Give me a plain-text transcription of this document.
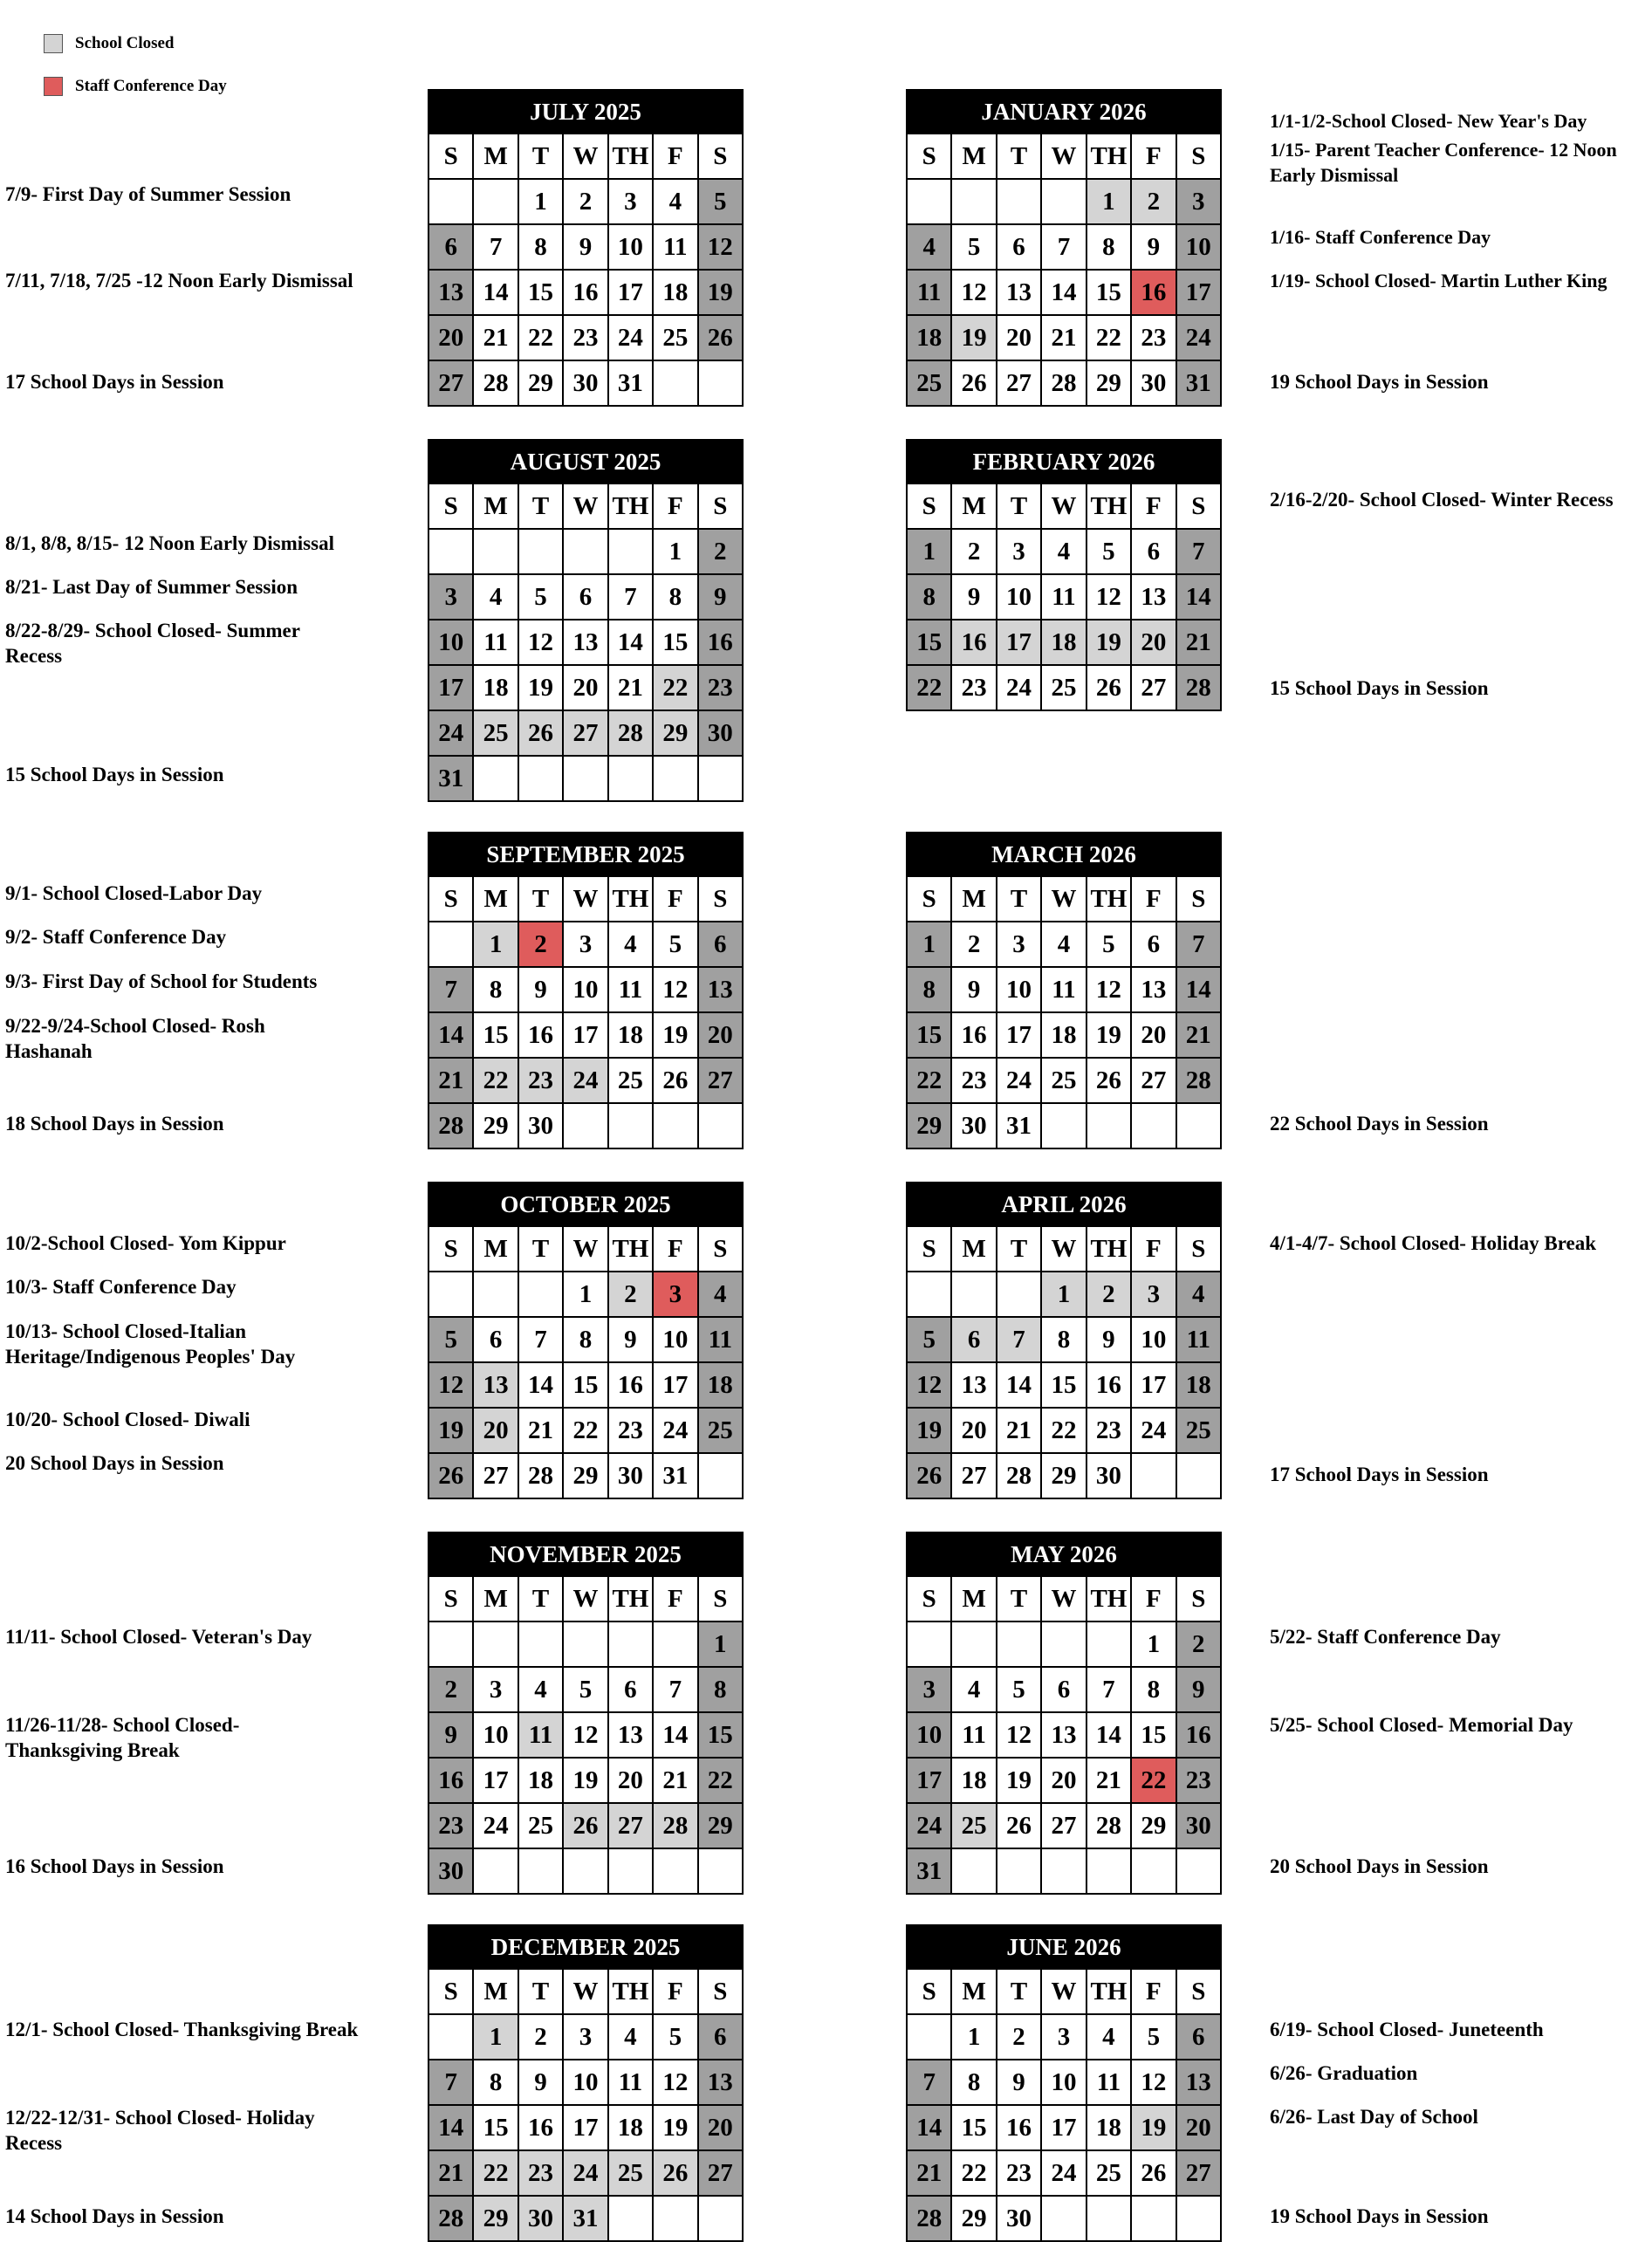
School Closed
Staff Conference Day
JULY 2025						
S	M	T	W	TH	F	S
		1	2	3	4	5
6	7	8	9	10	11	12
13	14	15	16	17	18	19
20	21	22	23	24	25	26
27	28	29	30	31		
AUGUST 2025						
S	M	T	W	TH	F	S
					1	2
3	4	5	6	7	8	9
10	11	12	13	14	15	16
17	18	19	20	21	22	23
24	25	26	27	28	29	30
31						
SEPTEMBER 2025						
S	M	T	W	TH	F	S
	1	2	3	4	5	6
7	8	9	10	11	12	13
14	15	16	17	18	19	20
21	22	23	24	25	26	27
28	29	30				
OCTOBER 2025						
S	M	T	W	TH	F	S
			1	2	3	4
5	6	7	8	9	10	11
12	13	14	15	16	17	18
19	20	21	22	23	24	25
26	27	28	29	30	31	
NOVEMBER 2025						
S	M	T	W	TH	F	S
						1
2	3	4	5	6	7	8
9	10	11	12	13	14	15
16	17	18	19	20	21	22
23	24	25	26	27	28	29
30						
DECEMBER 2025						
S	M	T	W	TH	F	S
	1	2	3	4	5	6
7	8	9	10	11	12	13
14	15	16	17	18	19	20
21	22	23	24	25	26	27
28	29	30	31			
JANUARY 2026						
S	M	T	W	TH	F	S
				1	2	3
4	5	6	7	8	9	10
11	12	13	14	15	16	17
18	19	20	21	22	23	24
25	26	27	28	29	30	31
FEBRUARY 2026						
S	M	T	W	TH	F	S
1	2	3	4	5	6	7
8	9	10	11	12	13	14
15	16	17	18	19	20	21
22	23	24	25	26	27	28
MARCH 2026						
S	M	T	W	TH	F	S
1	2	3	4	5	6	7
8	9	10	11	12	13	14
15	16	17	18	19	20	21
22	23	24	25	26	27	28
29	30	31				
APRIL 2026						
S	M	T	W	TH	F	S
			1	2	3	4
5	6	7	8	9	10	11
12	13	14	15	16	17	18
19	20	21	22	23	24	25
26	27	28	29	30		
MAY 2026						
S	M	T	W	TH	F	S
					1	2
3	4	5	6	7	8	9
10	11	12	13	14	15	16
17	18	19	20	21	22	23
24	25	26	27	28	29	30
31						
JUNE 2026						
S	M	T	W	TH	F	S
	1	2	3	4	5	6
7	8	9	10	11	12	13
14	15	16	17	18	19	20
21	22	23	24	25	26	27
28	29	30				
7/9- First Day of Summer Session
7/11, 7/18, 7/25 -12 Noon Early Dismissal
17 School Days in Session
8/1, 8/8, 8/15- 12 Noon Early Dismissal
8/21- Last Day of Summer Session
8/22-8/29- School Closed- Summer Recess
15 School Days in Session
9/1- School Closed-Labor Day
9/2- Staff Conference Day
9/3- First Day of School for Students
9/22-9/24-School Closed- Rosh Hashanah
18 School Days in Session
10/2-School Closed- Yom Kippur
10/3- Staff Conference Day
10/13- School Closed-Italian Heritage/Indigenous Peoples' Day
10/20- School Closed- Diwali
20 School Days in Session
11/11- School Closed- Veteran's Day
11/26-11/28- School Closed- Thanksgiving Break
16 School Days in Session
12/1- School Closed- Thanksgiving Break
12/22-12/31- School Closed- Holiday Recess
14 School Days in Session
1/1-1/2-School Closed- New Year's Day
1/15- Parent Teacher Conference- 12 Noon Early Dismissal
1/16- Staff Conference Day
1/19- School Closed- Martin Luther King
19 School Days in Session
2/16-2/20- School Closed- Winter Recess
15 School Days in Session
22 School Days in Session
4/1-4/7- School Closed- Holiday Break
17 School Days in Session
5/22- Staff Conference Day
5/25- School Closed- Memorial Day
20 School Days in Session
6/19- School Closed- Juneteenth
6/26- Graduation
6/26- Last Day of School
19 School Days in Session
